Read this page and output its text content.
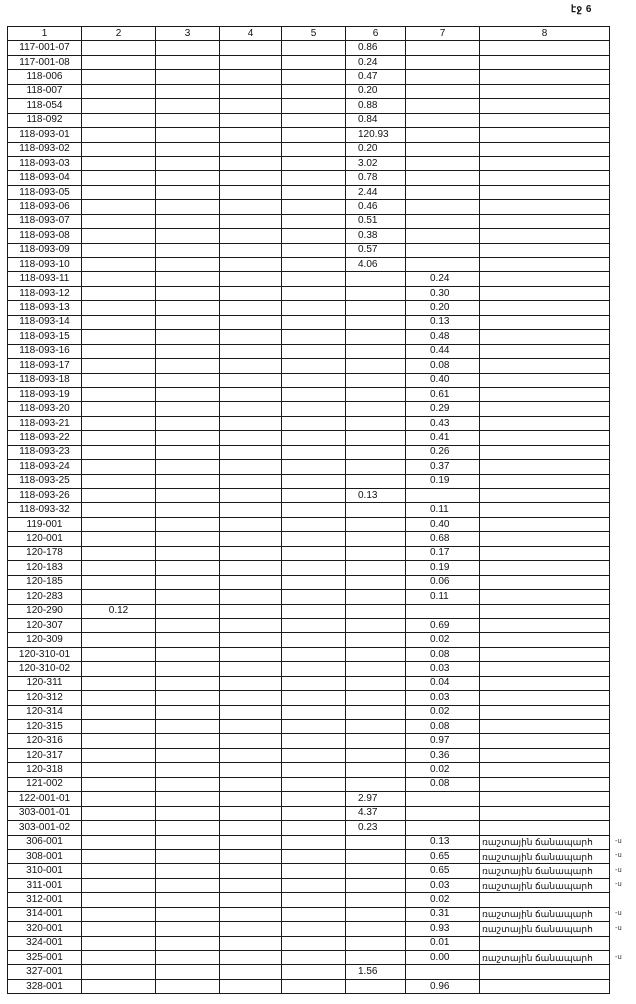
էջ 6
1	2	3	4	5	6	7	8
117-001-07					0.86		
117-001-08					0.24		
118-006					0.47		
118-007					0.20		
118-054					0.88		
118-092					0.84		
118-093-01					120.93		
118-093-02					0.20		
118-093-03					3.02		
118-093-04					0.78		
118-093-05					2.44		
118-093-06					0.46		
118-093-07					0.51		
118-093-08					0.38		
118-093-09					0.57		
118-093-10					4.06		
118-093-11						0.24	
118-093-12						0.30	
118-093-13						0.20	
118-093-14						0.13	
118-093-15						0.48	
118-093-16						0.44	
118-093-17						0.08	
118-093-18						0.40	
118-093-19						0.61	
118-093-20						0.29	
118-093-21						0.43	
118-093-22						0.41	
118-093-23						0.26	
118-093-24						0.37	
118-093-25						0.19	
118-093-26					0.13		
118-093-32						0.11	
119-001						0.40	
120-001						0.68	
120-178						0.17	
120-183						0.19	
120-185						0.06	
120-283						0.11	
120-290	0.12						
120-307						0.69	
120-309						0.02	
120-310-01						0.08	
120-310-02						0.03	
120-311						0.04	
120-312						0.03	
120-314						0.02	
120-315						0.08	
120-316						0.97	
120-317						0.36	
120-318						0.02	
121-002						0.08	
122-001-01					2.97		
303-001-01					4.37		
303-001-02					0.23		
306-001						0.13	ռաշտային ճանապարհ
308-001						0.65	ռաշտային ճանապարհ
310-001						0.65	ռաշտային ճանապարհ
311-001						0.03	ռաշտային ճանապարհ
312-001						0.02	
314-001						0.31	ռաշտային ճանապարհ
320-001						0.93	ռաշտային ճանապարհ
324-001						0.01	
325-001						0.00	ռաշտային ճանապարհ
327-001					1.56		
328-001						0.96	
-ս
-ս
-ս
-ս
-ս
-ս
-ս
